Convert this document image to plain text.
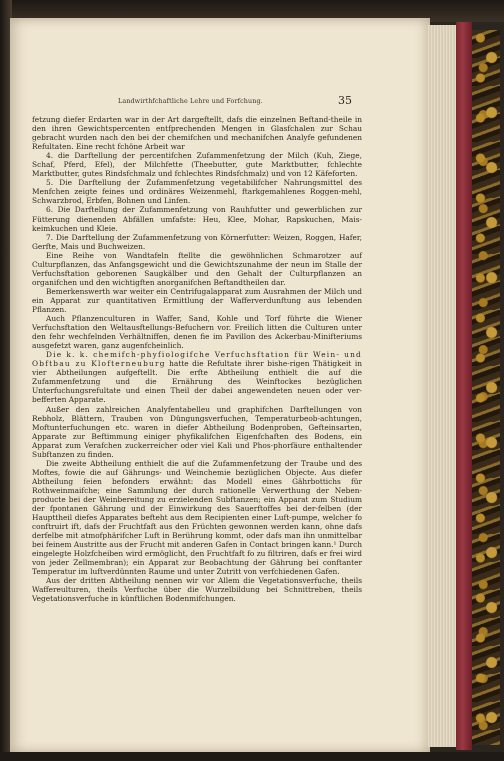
Landwirthfchaftliche Lehre und Forfchung.	35

fetzung diefer Erdarten war in der Art dargeftellt, dafs die einzelnen Beftand-theile in den ihren Gewichtspercenten entfprechenden Mengen in Glasfchalen zur Schau gebracht wurden nach den bei der chemifchen und mechanifchen Analyfe gefundenen Refultaten. Eine recht fchöne Arbeit war

4. die Darftellung der percentifchen Zufammenfetzung der Milch (Kuh, Ziege, Schaf, Pferd, Efel), der Milchfette (Theebutter, gute Marktbutter, fchlechte Marktbutter, gutes Rindsfchmalz und fchlechtes Rindsfchmalz) und von 12 Käfeforten.

5. Die Darftellung der Zufammenfetzung vegetabilifcher Nahrungsmittel des Menfchen zeigte feines und ordinäres Weizenmehl, ftarkgemahlenes Roggen-mehl, Schwarzbrod, Erbfen, Bohnen und Linfen.

6. Die Darftellung der Zufammenfetzung von Rauhfutter und gewerblichen zur Fütterung dienenden Abfällen umfafste: Heu, Klee, Mohar, Rapskuchen, Mais-keimkuchen und Kleie.

7. Die Darftellung der Zufammenfetzung von Körnerfutter: Weizen, Roggen, Hafer, Gerfte, Mais und Buchweizen.

Eine Reihe von Wandtafeln ftellte die gewöhnlichen Schmarotzer auf Culturpflanzen, das Anfangsgewicht und die Gewichtszunahme der neun im Stalle der Verfuchsftation geborenen Saugkälber und den Gehalt der Culturpflanzen an organifchen und den wichtigften anorganifchen Beftandtheilen dar.

Bemerkenswerth war weiter ein Centrifugalapparat zum Ausrahmen der Milch und ein Apparat zur quantitativen Ermittlung der Wafferverdunftung aus lebenden Pflanzen.

Auch Pflanzenculturen in Waffer, Sand, Kohle und Torf führte die Wiener Verfuchsftation den Weltausftellungs-Befuchern vor. Freilich litten die Culturen unter den fehr wechfelnden Verhältniffen, denen fie im Pavillon des Ackerbau-Minifteriums ausgefetzt waren, ganz augenfcheinlich.

Die k. k. chemifch-phyfiologifche Verfuchsftation für Wein- und Obftbau zu Klofterneuburg hatte die Refultate ihrer bishe-rigen Thätigkeit in vier Abtheilungen aufgeftellt. Die erfte Abtheilung enthielt die auf die Zufammenfetzung und die Ernährung des Weinftockes bezüglichen Unterfuchungsrefultate und einen Theil der dabei angewendeten neuen oder ver-befferten Apparate.

Außer den zahlreichen Analyfentabelleu und graphifchen Darftellungen von Rebholz, Blättern, Trauben von Düngungsverfuchen, Temperaturbeob-achtungen, Moftunterfuchungen etc. waren in diefer Abtheilung Bodenproben, Gefteinsarten, Apparate zur Beftimmung einiger phyfikalifchen Eigenfchaften des Bodens, ein Apparat zum Verafchen zuckerreicher oder viel Kali und Phos-phorfäure enthaltender Subftanzen zu finden.

Die zweite Abtheilung enthielt die auf die Zufammenfetzung der Traube und des Moftes, fowie die auf Gährungs- und Weinchemie bezüglichen Objecte. Aus diefer Abtheilung feien befonders erwähnt: das Modell eines Gährbottichs für Rothweinmaifche; eine Sammlung der durch rationelle Verwerthung der Neben-producte bei der Weinbereitung zu erzielenden Subftanzen; ein Apparat zum Studium der fpontanen Gährung und der Einwirkung des Sauerftoffes bei der-felben (der Haupttheil diefes Apparates befteht aus dem Recipienten einer Luft-pumpe, welcher fo conftruirt ift, dafs der Fruchtfaft aus den Früchten gewonnen werden kann, ohne dafs derfelbe mit atmofphärifcher Luft in Berührung kommt, oder dafs man ihn unmittelbar bei feinem Austritte aus der Frucht mit anderen Gafen in Contact bringen kann.¹ Durch eingelegte Holzfcheiben wird ermöglicht, den Fruchtfaft fo zu filtriren, dafs er frei wird von jeder Zellmembran); ein Apparat zur Beobachtung der Gährung bei conftanter Temperatur im luftverdünnten Raume und unter Zutritt von verfchiedenen Gafen.

Aus der dritten Abtheilung nennen wir vor Allem die Vegetationsverfuche, theils Waffereulturen, theils Verfuche über die Wurzelbildung bei Schnittreben, theils Vegetationsverfuche in künftlichen Bodenmifchungen.
